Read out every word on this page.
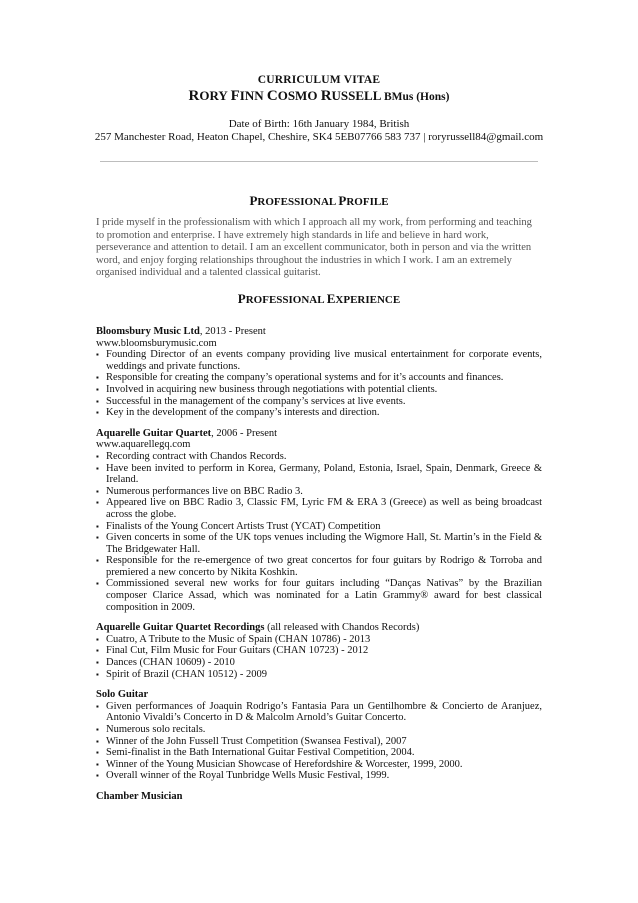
CURRICULUM VITAE
RORY FINN COSMO RUSSELL BMus (Hons)
Date of Birth: 16th January 1984, British
257 Manchester Road, Heaton Chapel, Cheshire, SK4 5EB07766 583 737 | roryrussell84@gmail.com
PROFESSIONAL PROFILE
I pride myself in the professionalism with which I approach all my work, from performing and teaching to promotion and enterprise. I have extremely high standards in life and believe in hard work, perseverance and attention to detail. I am an excellent communicator, both in person and via the written word, and enjoy forging relationships throughout the industries in which I work. I am an extremely organised individual and a talented classical guitarist.
PROFESSIONAL EXPERIENCE
Bloomsbury Music Ltd, 2013 - Present
www.bloomsburymusic.com
▪ Founding Director of an events company providing live musical entertainment for corporate events, weddings and private functions.
▪ Responsible for creating the company’s operational systems and for it’s accounts and finances.
▪ Involved in acquiring new business through negotiations with potential clients.
▪ Successful in the management of the company’s services at live events.
▪ Key in the development of the company’s interests and direction.
Aquarelle Guitar Quartet, 2006 - Present
www.aquarellegq.com
▪ Recording contract with Chandos Records.
▪ Have been invited to perform in Korea, Germany, Poland, Estonia, Israel, Spain, Denmark, Greece & Ireland.
▪ Numerous performances live on BBC Radio 3.
▪ Appeared live on BBC Radio 3, Classic FM, Lyric FM & ERA 3 (Greece) as well as being broadcast across the globe.
▪ Finalists of the Young Concert Artists Trust (YCAT) Competition
▪ Given concerts in some of the UK tops venues including the Wigmore Hall, St. Martin’s in the Field & The Bridgewater Hall.
▪ Responsible for the re-emergence of two great concertos for four guitars by Rodrigo & Torroba and premiered a new concerto by Nikita Koshkin.
▪ Commissioned several new works for four guitars including “Danças Nativas” by the Brazilian composer Clarice Assad, which was nominated for a Latin Grammy® award for best classical composition in 2009.
Aquarelle Guitar Quartet Recordings (all released with Chandos Records)
▪ Cuatro, A Tribute to the Music of Spain (CHAN 10786) - 2013
▪ Final Cut, Film Music for Four Guitars (CHAN 10723) - 2012
▪ Dances (CHAN 10609) - 2010
▪ Spirit of Brazil (CHAN 10512) - 2009
Solo Guitar
▪ Given performances of Joaquin Rodrigo’s Fantasia Para un Gentilhombre & Concierto de Aranjuez, Antonio Vivaldi’s Concerto in D & Malcolm Arnold’s Guitar Concerto.
▪ Numerous solo recitals.
▪ Winner of the John Fussell Trust Competition (Swansea Festival), 2007
▪ Semi-finalist in the Bath International Guitar Festival Competition, 2004.
▪ Winner of the Young Musician Showcase of Herefordshire & Worcester, 1999, 2000.
▪ Overall winner of the Royal Tunbridge Wells Music Festival, 1999.
Chamber Musician
